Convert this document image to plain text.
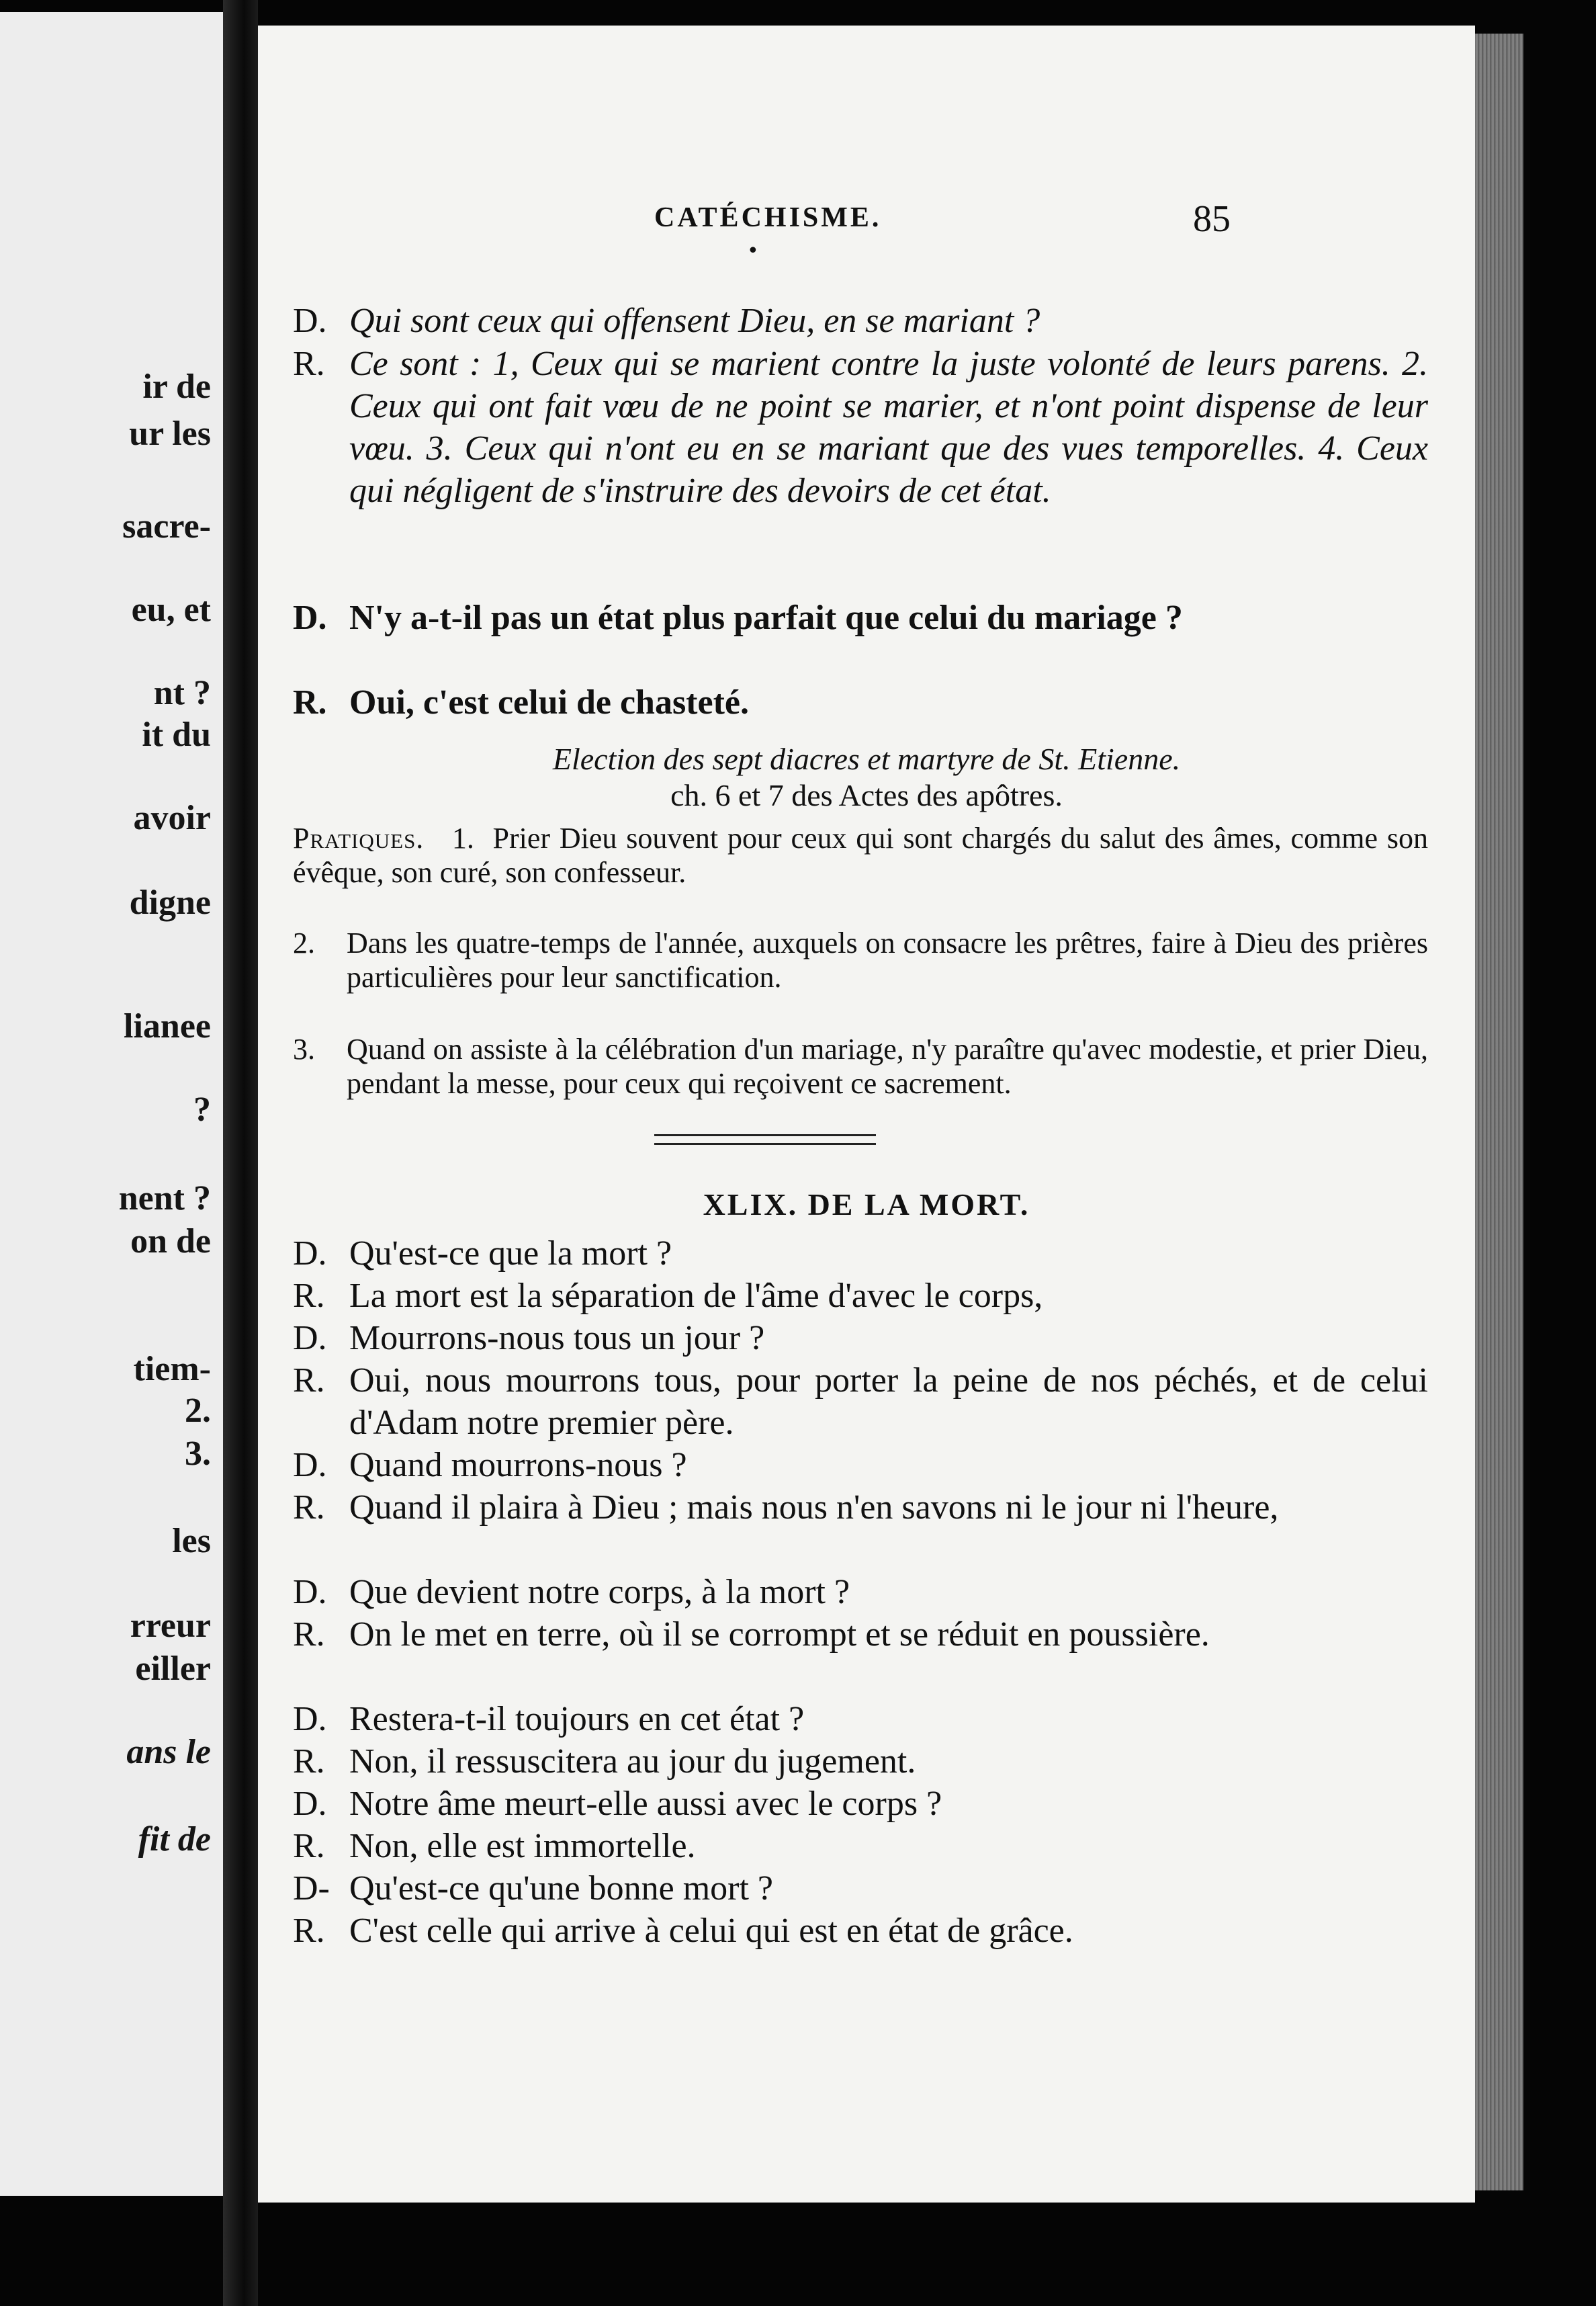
ir de
ur les
sacre-
eu, et
nt ?
it du
avoir
digne
lianee
?
nent ?
on de
tiem-
2.
3.
les
rreur
eiller
ans le
fit de
CATÉCHISME.	85
•
D. Qui sont ceux qui offensent Dieu, en se mariant ?
R. Ce sont : 1, Ceux qui se marient contre la juste volonté de leurs parens. 2. Ceux qui ont fait vœu de ne point se marier, et n'ont point dispense de leur vœu. 3. Ceux qui n'ont eu en se mariant que des vues temporelles. 4. Ceux qui négligent de s'instruire des devoirs de cet état.
D. N'y a-t-il pas un état plus parfait que celui du mariage ?
R. Oui, c'est celui de chasteté.
Election des sept diacres et martyre de St. Etienne.
ch. 6 et 7 des Actes des apôtres.
Pratiques. 1. Prier Dieu souvent pour ceux qui sont chargés du salut des âmes, comme son évêque, son curé, son confesseur.
2. Dans les quatre-temps de l'année, auxquels on consacre les prêtres, faire à Dieu des prières particulières pour leur sanctification.
3. Quand on assiste à la célébration d'un mariage, n'y paraître qu'avec modestie, et prier Dieu, pendant la messe, pour ceux qui reçoivent ce sacrement.
XLIX. DE LA MORT.
D. Qu'est-ce que la mort ?
R. La mort est la séparation de l'âme d'avec le corps,
D. Mourrons-nous tous un jour ?
R. Oui, nous mourrons tous, pour porter la peine de nos péchés, et de celui d'Adam notre premier père.
D. Quand mourrons-nous ?
R. Quand il plaira à Dieu ; mais nous n'en savons ni le jour ni l'heure,
D. Que devient notre corps, à la mort ?
R. On le met en terre, où il se corrompt et se réduit en poussière.
D. Restera-t-il toujours en cet état ?
R. Non, il ressuscitera au jour du jugement.
D. Notre âme meurt-elle aussi avec le corps ?
R. Non, elle est immortelle.
D- Qu'est-ce qu'une bonne mort ?
R. C'est celle qui arrive à celui qui est en état de grâce.
